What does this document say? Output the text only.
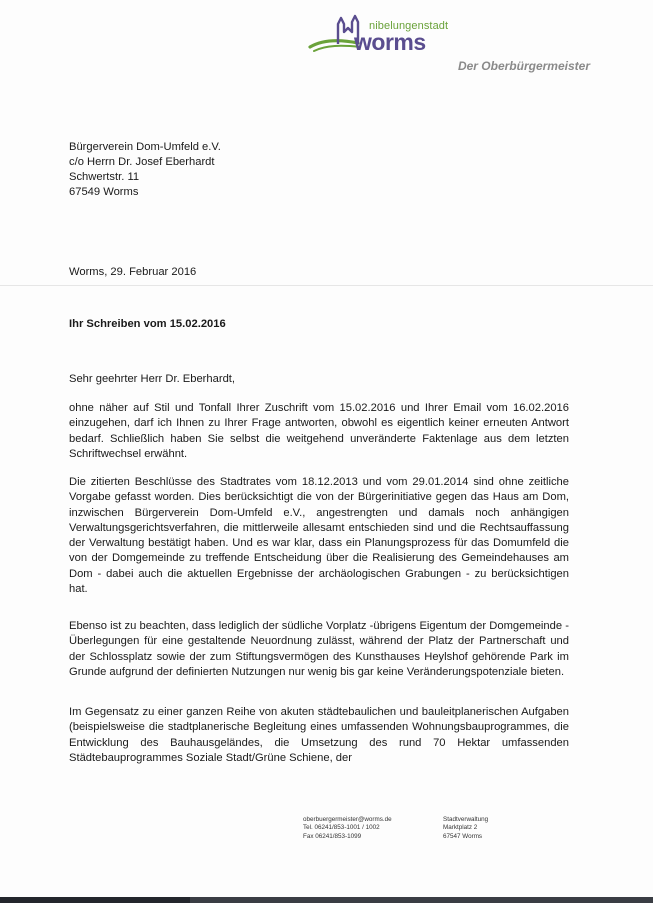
nibelungenstadt
worms
Der Oberbürgermeister
Bürgerverein Dom-Umfeld e.V.
c/o Herrn Dr. Josef Eberhardt
Schwertstr. 11
67549 Worms
Worms, 29. Februar 2016
Ihr Schreiben vom 15.02.2016
Sehr geehrter Herr Dr. Eberhardt,

ohne näher auf Stil und Tonfall Ihrer Zuschrift vom 15.02.2016 und Ihrer Email vom 16.02.2016 einzugehen, darf ich Ihnen zu Ihrer Frage antworten, obwohl es eigentlich keiner erneuten Antwort bedarf. Schließlich haben Sie selbst die weitgehend unveränderte Faktenlage aus dem letzten Schriftwechsel erwähnt.

Die zitierten Beschlüsse des Stadtrates vom 18.12.2013 und vom 29.01.2014 sind ohne zeitliche Vorgabe gefasst worden. Dies berücksichtigt die von der Bürgerinitiative gegen das Haus am Dom, inzwischen Bürgerverein Dom-Umfeld e.V., angestrengten und damals noch anhängigen Verwaltungsgerichtsverfahren, die mittlerweile allesamt entschieden sind und die Rechtsauffassung der Verwaltung bestätigt haben. Und es war klar, dass ein Planungsprozess für das Domumfeld die von der Domgemeinde zu treffende Entscheidung über die Realisierung des Gemeindehauses am Dom - dabei auch die aktuellen Ergebnisse der archäologischen Grabungen - zu berücksichtigen hat.

Ebenso ist zu beachten, dass lediglich der südliche Vorplatz -übrigens Eigentum der Domgemeinde - Überlegungen für eine gestaltende Neuordnung zulässt, während der Platz der Partnerschaft und der Schlossplatz sowie der zum Stiftungsvermögen des Kunsthauses Heylshof gehörende Park im Grunde aufgrund der definierten Nutzungen nur wenig bis gar keine Veränderungspotenziale bieten.

Im Gegensatz zu einer ganzen Reihe von akuten städtebaulichen und bauleitplanerischen Aufgaben (beispielsweise die stadtplanerische Begleitung eines umfassenden Wohnungsbauprogrammes, die Entwicklung des Bauhausgeländes, die Umsetzung des rund 70 Hektar umfassenden Städtebauprogrammes Soziale Stadt/Grüne Schiene, der

oberbuergermeister@worms.de
Tel. 06241/853-1001 / 1002
Fax 06241/853-1099
Stadtverwaltung
Marktplatz 2
67547 Worms
